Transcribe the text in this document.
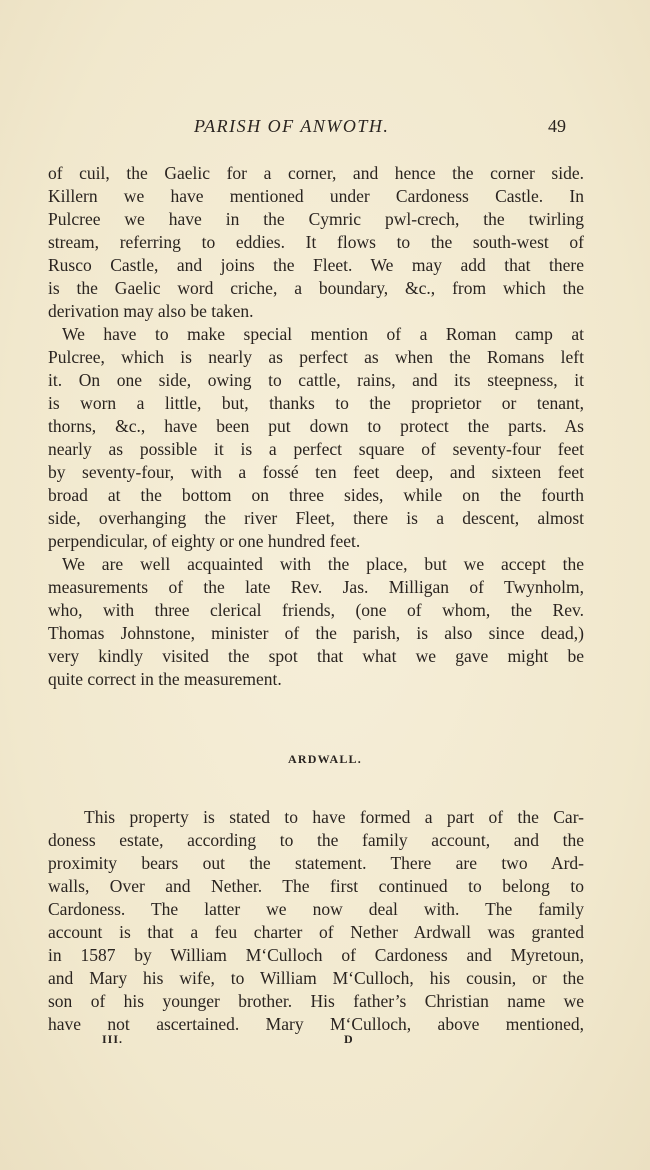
PARISH OF ANWOTH.	49
of cuil, the Gaelic for a corner, and hence the corner side.
Killern we have mentioned under Cardoness Castle. In
Pulcree we have in the Cymric pwl-crech, the twirling
stream, referring to eddies. It flows to the south-west of
Rusco Castle, and joins the Fleet. We may add that there
is the Gaelic word criche, a boundary, &c., from which the
derivation may also be taken.
We have to make special mention of a Roman camp at
Pulcree, which is nearly as perfect as when the Romans left
it. On one side, owing to cattle, rains, and its steepness, it
is worn a little, but, thanks to the proprietor or tenant,
thorns, &c., have been put down to protect the parts. As
nearly as possible it is a perfect square of seventy-four feet
by seventy-four, with a fossé ten feet deep, and sixteen feet
broad at the bottom on three sides, while on the fourth
side, overhanging the river Fleet, there is a descent, almost
perpendicular, of eighty or one hundred feet.
We are well acquainted with the place, but we accept the
measurements of the late Rev. Jas. Milligan of Twynholm,
who, with three clerical friends, (one of whom, the Rev.
Thomas Johnstone, minister of the parish, is also since dead,)
very kindly visited the spot that what we gave might be
quite correct in the measurement.
ARDWALL.
This property is stated to have formed a part of the Car-
doness estate, according to the family account, and the
proximity bears out the statement. There are two Ard-
walls, Over and Nether. The first continued to belong to
Cardoness. The latter we now deal with. The family
account is that a feu charter of Nether Ardwall was granted
in 1587 by William M‘Culloch of Cardoness and Myretoun,
and Mary his wife, to William M‘Culloch, his cousin, or the
son of his younger brother. His father’s Christian name we
have not ascertained. Mary M‘Culloch, above mentioned,
III.	D
